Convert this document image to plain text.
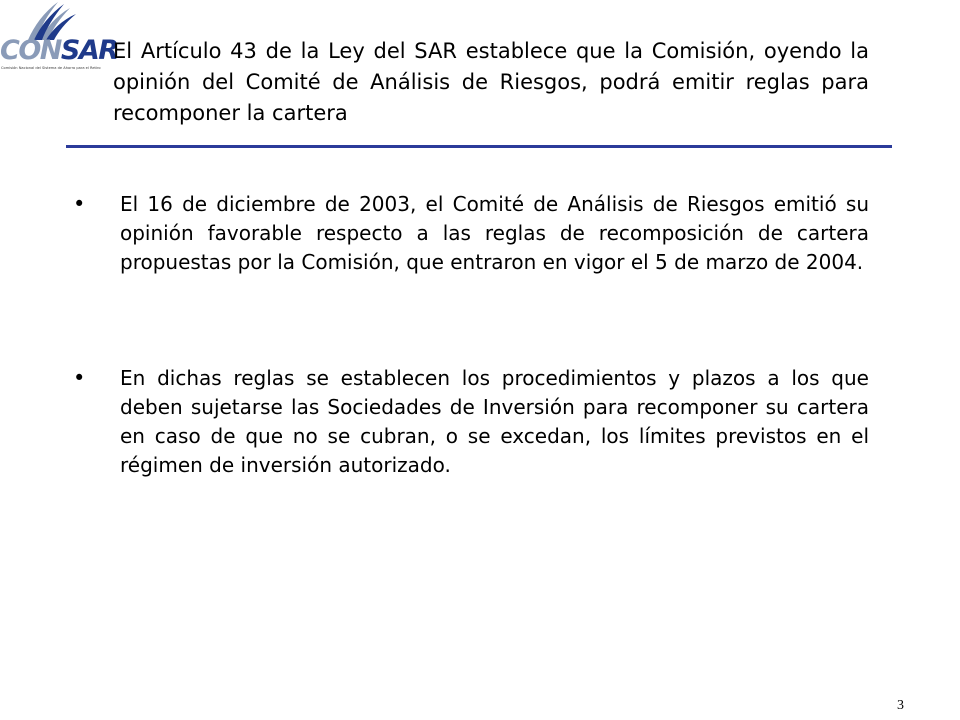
CONSAR
Comisión Nacional del Sistema de Ahorro para el Retiro
El Artículo 43 de la Ley del SAR establece que la Comisión, oyendo la opinión del Comité de Análisis de Riesgos, podrá emitir reglas para recomponer la cartera
• El 16 de diciembre de 2003, el Comité de Análisis de Riesgos emitió su opinión favorable respecto a las reglas de recomposición de cartera propuestas por la Comisión, que entraron en vigor el 5 de marzo de 2004.

• En dichas reglas se establecen los procedimientos y plazos a los que deben sujetarse las Sociedades de Inversión para recomponer su cartera en caso de que no se cubran, o se excedan, los límites previstos en el régimen de inversión autorizado.

3
